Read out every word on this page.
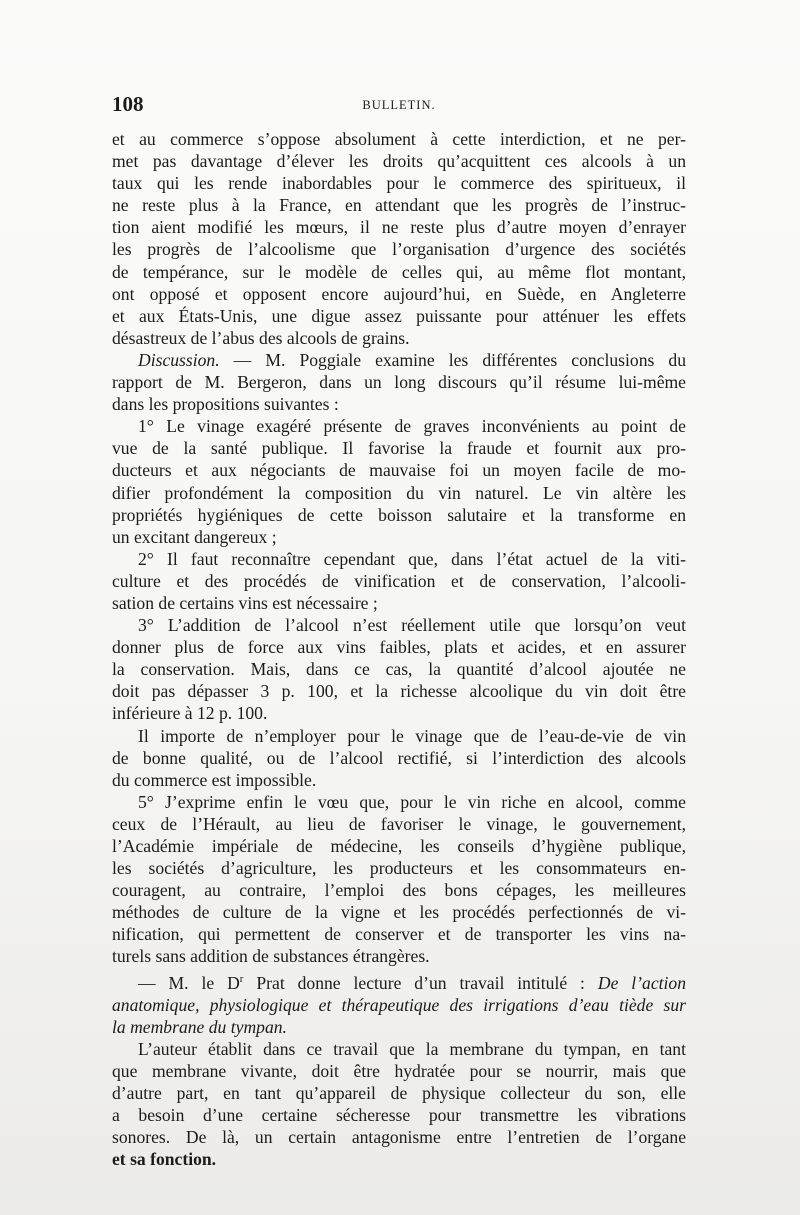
108	BULLETIN.
et au commerce s’oppose absolument à cette interdiction, et ne per-
met pas davantage d’élever les droits qu’acquittent ces alcools à un
taux qui les rende inabordables pour le commerce des spiritueux, il
ne reste plus à la France, en attendant que les progrès de l’instruc-
tion aient modifié les mœurs, il ne reste plus d’autre moyen d’enrayer
les progrès de l’alcoolisme que l’organisation d’urgence des sociétés
de tempérance, sur le modèle de celles qui, au même flot montant,
ont opposé et opposent encore aujourd’hui, en Suède, en Angleterre
et aux États-Unis, une digue assez puissante pour atténuer les effets
désastreux de l’abus des alcools de grains.
Discussion. — M. Poggiale examine les différentes conclusions du
rapport de M. Bergeron, dans un long discours qu’il résume lui-même
dans les propositions suivantes :
1° Le vinage exagéré présente de graves inconvénients au point de
vue de la santé publique. Il favorise la fraude et fournit aux pro-
ducteurs et aux négociants de mauvaise foi un moyen facile de mo-
difier profondément la composition du vin naturel. Le vin altère les
propriétés hygiéniques de cette boisson salutaire et la transforme en
un excitant dangereux ;
2° Il faut reconnaître cependant que, dans l’état actuel de la viti-
culture et des procédés de vinification et de conservation, l’alcooli-
sation de certains vins est nécessaire ;
3° L’addition de l’alcool n’est réellement utile que lorsqu’on veut
donner plus de force aux vins faibles, plats et acides, et en assurer
la conservation. Mais, dans ce cas, la quantité d’alcool ajoutée ne
doit pas dépasser 3 p. 100, et la richesse alcoolique du vin doit être
inférieure à 12 p. 100.
Il importe de n’employer pour le vinage que de l’eau-de-vie de vin
de bonne qualité, ou de l’alcool rectifié, si l’interdiction des alcools
du commerce est impossible.
5° J’exprime enfin le vœu que, pour le vin riche en alcool, comme
ceux de l’Hérault, au lieu de favoriser le vinage, le gouvernement,
l’Académie impériale de médecine, les conseils d’hygiène publique,
les sociétés d’agriculture, les producteurs et les consommateurs en-
couragent, au contraire, l’emploi des bons cépages, les meilleures
méthodes de culture de la vigne et les procédés perfectionnés de vi-
nification, qui permettent de conserver et de transporter les vins na-
turels sans addition de substances étrangères.
— M. le $D^r$ Prat donne lecture d’un travail intitulé : De l’action
anatomique, physiologique et thérapeutique des irrigations d’eau tiède sur
la membrane du tympan.
L’auteur établit dans ce travail que la membrane du tympan, en tant
que membrane vivante, doit être hydratée pour se nourrir, mais que
d’autre part, en tant qu’appareil de physique collecteur du son, elle
a besoin d’une certaine sécheresse pour transmettre les vibrations
sonores. De là, un certain antagonisme entre l’entretien de l’organe
et sa fonction.
